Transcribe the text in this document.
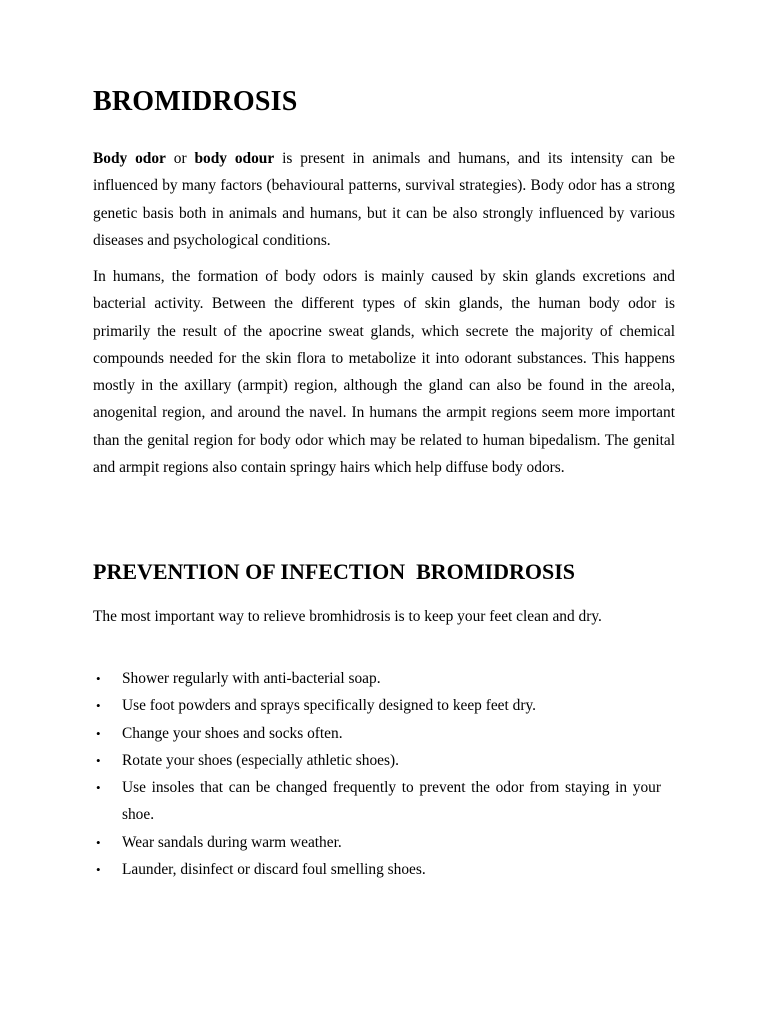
BROMIDROSIS

Body odor or body odour is present in animals and humans, and its intensity can be influenced by many factors (behavioural patterns, survival strategies). Body odor has a strong genetic basis both in animals and humans, but it can be also strongly influenced by various diseases and psychological conditions.

In humans, the formation of body odors is mainly caused by skin glands excretions and bacterial activity. Between the different types of skin glands, the human body odor is primarily the result of the apocrine sweat glands, which secrete the majority of chemical compounds needed for the skin flora to metabolize it into odorant substances. This happens mostly in the axillary (armpit) region, although the gland can also be found in the areola, anogenital region, and around the navel. In humans the armpit regions seem more important than the genital region for body odor which may be related to human bipedalism. The genital and armpit regions also contain springy hairs which help diffuse body odors.

PREVENTION OF INFECTION  BROMIDROSIS

The most important way to relieve bromhidrosis is to keep your feet clean and dry.

• Shower regularly with anti-bacterial soap.
• Use foot powders and sprays specifically designed to keep feet dry.
• Change your shoes and socks often.
• Rotate your shoes (especially athletic shoes).
• Use insoles that can be changed frequently to prevent the odor from staying in your shoe.
• Wear sandals during warm weather.
• Launder, disinfect or discard foul smelling shoes.
